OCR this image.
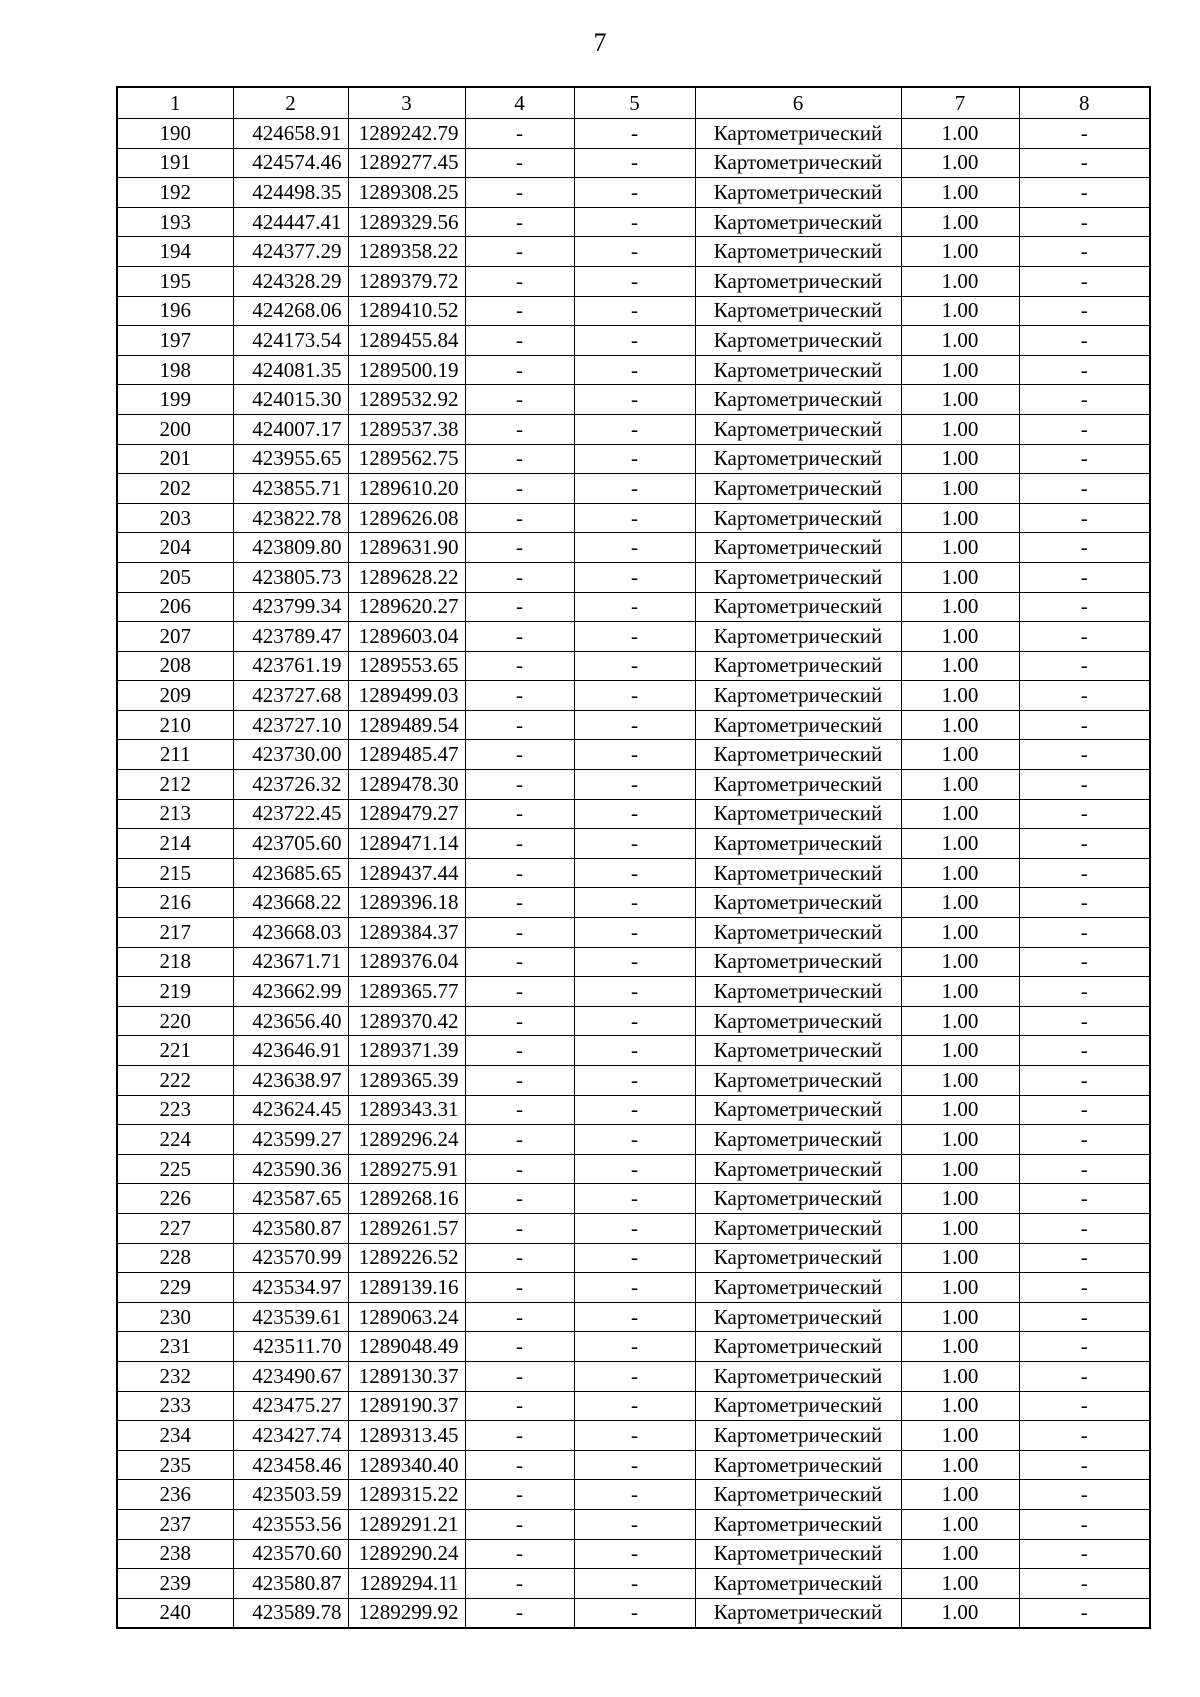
7
1	2	3	4	5	6	7	8
190	424658.91	1289242.79	-	-	Картометрический	1.00	-
191	424574.46	1289277.45	-	-	Картометрический	1.00	-
192	424498.35	1289308.25	-	-	Картометрический	1.00	-
193	424447.41	1289329.56	-	-	Картометрический	1.00	-
194	424377.29	1289358.22	-	-	Картометрический	1.00	-
195	424328.29	1289379.72	-	-	Картометрический	1.00	-
196	424268.06	1289410.52	-	-	Картометрический	1.00	-
197	424173.54	1289455.84	-	-	Картометрический	1.00	-
198	424081.35	1289500.19	-	-	Картометрический	1.00	-
199	424015.30	1289532.92	-	-	Картометрический	1.00	-
200	424007.17	1289537.38	-	-	Картометрический	1.00	-
201	423955.65	1289562.75	-	-	Картометрический	1.00	-
202	423855.71	1289610.20	-	-	Картометрический	1.00	-
203	423822.78	1289626.08	-	-	Картометрический	1.00	-
204	423809.80	1289631.90	-	-	Картометрический	1.00	-
205	423805.73	1289628.22	-	-	Картометрический	1.00	-
206	423799.34	1289620.27	-	-	Картометрический	1.00	-
207	423789.47	1289603.04	-	-	Картометрический	1.00	-
208	423761.19	1289553.65	-	-	Картометрический	1.00	-
209	423727.68	1289499.03	-	-	Картометрический	1.00	-
210	423727.10	1289489.54	-	-	Картометрический	1.00	-
211	423730.00	1289485.47	-	-	Картометрический	1.00	-
212	423726.32	1289478.30	-	-	Картометрический	1.00	-
213	423722.45	1289479.27	-	-	Картометрический	1.00	-
214	423705.60	1289471.14	-	-	Картометрический	1.00	-
215	423685.65	1289437.44	-	-	Картометрический	1.00	-
216	423668.22	1289396.18	-	-	Картометрический	1.00	-
217	423668.03	1289384.37	-	-	Картометрический	1.00	-
218	423671.71	1289376.04	-	-	Картометрический	1.00	-
219	423662.99	1289365.77	-	-	Картометрический	1.00	-
220	423656.40	1289370.42	-	-	Картометрический	1.00	-
221	423646.91	1289371.39	-	-	Картометрический	1.00	-
222	423638.97	1289365.39	-	-	Картометрический	1.00	-
223	423624.45	1289343.31	-	-	Картометрический	1.00	-
224	423599.27	1289296.24	-	-	Картометрический	1.00	-
225	423590.36	1289275.91	-	-	Картометрический	1.00	-
226	423587.65	1289268.16	-	-	Картометрический	1.00	-
227	423580.87	1289261.57	-	-	Картометрический	1.00	-
228	423570.99	1289226.52	-	-	Картометрический	1.00	-
229	423534.97	1289139.16	-	-	Картометрический	1.00	-
230	423539.61	1289063.24	-	-	Картометрический	1.00	-
231	423511.70	1289048.49	-	-	Картометрический	1.00	-
232	423490.67	1289130.37	-	-	Картометрический	1.00	-
233	423475.27	1289190.37	-	-	Картометрический	1.00	-
234	423427.74	1289313.45	-	-	Картометрический	1.00	-
235	423458.46	1289340.40	-	-	Картометрический	1.00	-
236	423503.59	1289315.22	-	-	Картометрический	1.00	-
237	423553.56	1289291.21	-	-	Картометрический	1.00	-
238	423570.60	1289290.24	-	-	Картометрический	1.00	-
239	423580.87	1289294.11	-	-	Картометрический	1.00	-
240	423589.78	1289299.92	-	-	Картометрический	1.00	-
